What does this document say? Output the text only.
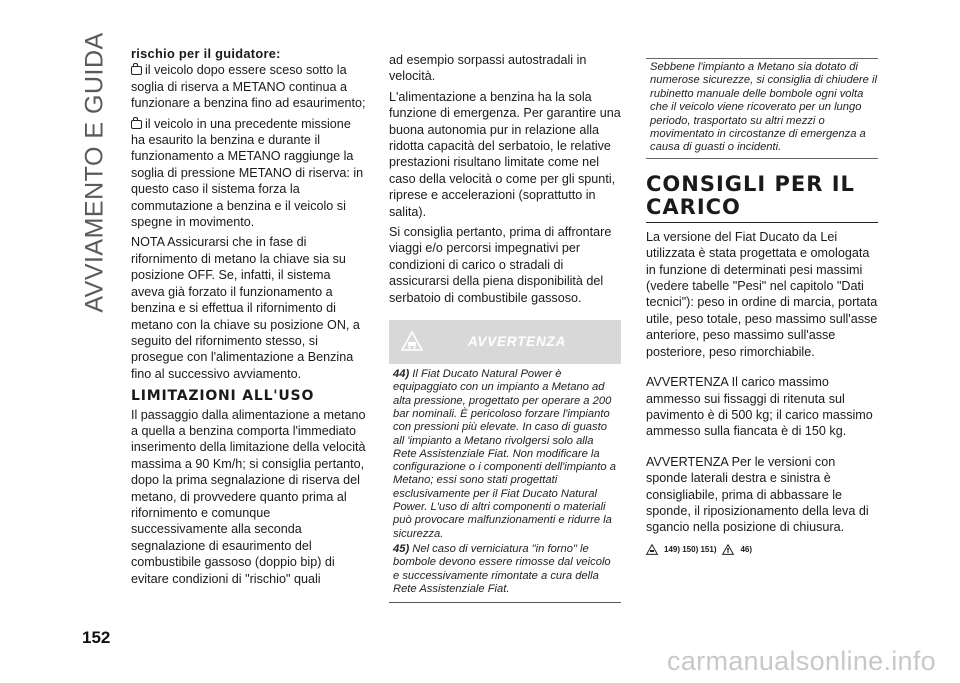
AVVIAMENTO E GUIDA rischio per il guidatore:
il veicolo dopo essere sceso sotto la soglia di riserva a METANO continua a funzionare a benzina fino ad esaurimento;
il veicolo in una precedente missione ha esaurito la benzina e durante il funzionamento a METANO raggiunge la soglia di pressione METANO di riserva: in questo caso il sistema forza la commutazione a benzina e il veicolo si spegne in movimento.
NOTA Assicurarsi che in fase di rifornimento di metano la chiave sia su posizione OFF. Se, infatti, il sistema aveva già forzato il funzionamento a benzina e si effettua il rifornimento di metano con la chiave su posizione ON, a seguito del rifornimento stesso, si prosegue con l'alimentazione a Benzina fino al successivo avviamento.
LIMITAZIONI ALL'USO
Il passaggio dalla alimentazione a metano a quella a benzina comporta l'immediato inserimento della limitazione della velocità massima a 90 Km/h; si consiglia pertanto, dopo la prima segnalazione di riserva del metano, di provvedere quanto prima al rifornimento e comunque successivamente alla seconda segnalazione di esaurimento del combustibile gassoso (doppio bip) di evitare condizioni di "rischio" quali
ad esempio sorpassi autostradali in velocità.
L'alimentazione a benzina ha la sola funzione di emergenza. Per garantire una buona autonomia pur in relazione alla ridotta capacità del serbatoio, le relative prestazioni risultano limitate come nel caso della velocità o come per gli spunti, riprese e accelerazioni (soprattutto in salita).
Si consiglia pertanto, prima di affrontare viaggi e/o percorsi impegnativi per condizioni di carico o stradali di assicurarsi della piena disponibilità del serbatoio di combustibile gassoso.
AVVERTENZA
44) Il Fiat Ducato Natural Power è equipaggiato con un impianto a Metano ad alta pressione, progettato per operare a 200 bar nominali. È pericoloso forzare l'impianto con pressioni più elevate. In caso di guasto all 'impianto a Metano rivolgersi solo alla Rete Assistenziale Fiat. Non modificare la configurazione o i componenti dell'impianto a Metano; essi sono stati progettati esclusivamente per il Fiat Ducato Natural Power. L'uso di altri componenti o materiali può provocare malfunzionamenti e ridurre la sicurezza.
45) Nel caso di verniciatura "in forno" le bombole devono essere rimosse dal veicolo e successivamente rimontate a cura della Rete Assistenziale Fiat.
Sebbene l'impianto a Metano sia dotato di numerose sicurezze, si consiglia di chiudere il rubinetto manuale delle bombole ogni volta che il veicolo viene ricoverato per un lungo periodo, trasportato su altri mezzi o movimentato in circostanze di emergenza a causa di guasti o incidenti.
CONSIGLI PER IL CARICO
La versione del Fiat Ducato da Lei utilizzata è stata progettata e omologata in funzione di determinati pesi massimi (vedere tabelle "Pesi" nel capitolo "Dati tecnici"): peso in ordine di marcia, portata utile, peso totale, peso massimo sull'asse anteriore, peso massimo sull'asse posteriore, peso rimorchiabile.
AVVERTENZA Il carico massimo ammesso sui fissaggi di ritenuta sul pavimento è di 500 kg; il carico massimo ammesso sulla fiancata è di 150 kg.
AVVERTENZA Per le versioni con sponde laterali destra e sinistra è consigliabile, prima di abbassare le sponde, il riposizionamento della leva di sgancio nella posizione di chiusura.
149) 150) 151)	46)
152
carmanualsonline.info
